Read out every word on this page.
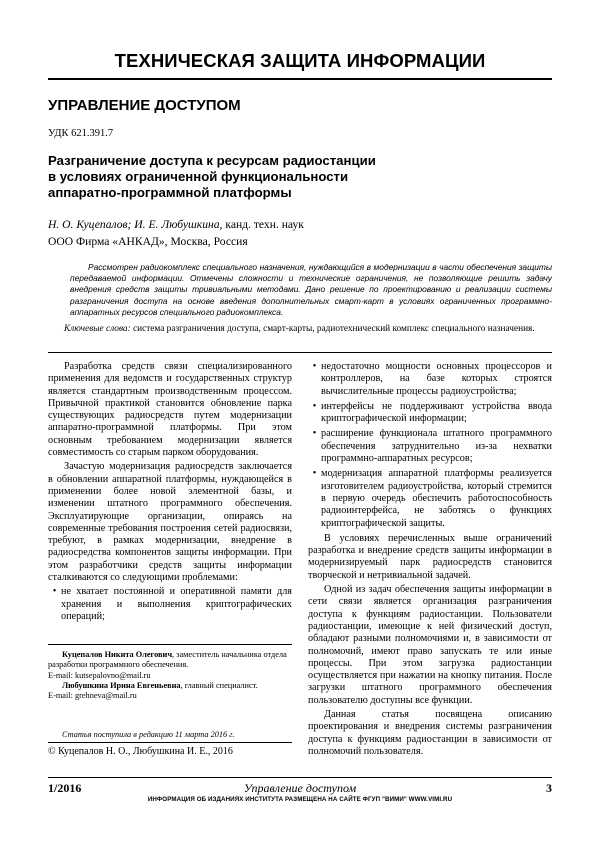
ТЕХНИЧЕСКАЯ ЗАЩИТА ИНФОРМАЦИИ
УПРАВЛЕНИЕ ДОСТУПОМ
УДК 621.391.7
Разграничение доступа к ресурсам радиостанции
в условиях ограниченной функциональности
аппаратно-программной платформы
Н. О. Куцепалов; И. Е. Любушкина, канд. техн. наук
ООО Фирма «АНКАД», Москва, Россия
Рассмотрен радиокомплекс специального назначения, нуждающийся в модернизации в части обеспечения защиты передаваемой информации. Отмечены сложности и технические ограничения, не позволяющие решить задачу внедрения средств защиты тривиальными методами. Дано решение по проектированию и реализации системы разграничения доступа на основе введения дополнительных смарт-карт в условиях ограниченных программно-аппаратных ресурсов специального радиокомплекса.
Ключевые слова: система разграничения доступа, смарт-карты, радиотехнический комплекс специального назначения.

Разработка средств связи специализированного применения для ведомств и государственных структур является стандартным производственным процессом. Привычной практикой становится обновление парка существующих радиосредств путем модернизации аппаратно-программной платформы. При этом основным требованием модернизации является совместимость со старым парком оборудования.

Зачастую модернизация радиосредств заключается в обновлении аппаратной платформы, нуждающейся в применении более новой элементной базы, и изменении штатного программного обеспечения. Эксплуатирующие организации, опираясь на современные требования построения сетей радиосвязи, требуют, в рамках модернизации, внедрение в радиосредства компонентов защиты информации. При этом разработчики средств защиты информации сталкиваются со следующими проблемами:

• не хватает постоянной и оперативной памяти для хранения и выполнения криптографических операций;
• недостаточно мощности основных процессоров и контроллеров, на базе которых строятся вычислительные процессы радиоустройства;
• интерфейсы не поддерживают устройства ввода криптографической информации;
• расширение функционала штатного программного обеспечения затруднительно из-за нехватки программно-аппаратных ресурсов;
• модернизация аппаратной платформы реализуется изготовителем радиоустройства, который стремится в первую очередь обеспечить работоспособность радиоинтерфейса, не заботясь о функциях криптографической защиты.

В условиях перечисленных выше ограничений разработка и внедрение средств защиты информации в модернизируемый парк радиосредств становится творческой и нетривиальной задачей.

Одной из задач обеспечения защиты информации в сети связи является организация разграничения доступа к функциям радиостанции. Пользователи радиостанции, имеющие к ней физический доступ, обладают разными полномочиями и, в зависимости от полномочий, имеют право запускать те или иные процессы. При этом загрузка радиостанции осуществляется при нажатии на кнопку питания. После загрузки штатного программного обеспечения пользователю доступны все функции.

Данная статья посвящена описанию проектирования и внедрения системы разграничения доступа к функциям радиостанции в зависимости от полномочий пользователя.

Куцепалов Никита Олегович, заместитель начальника отдела разработки программного обеспечения.

E-mail: kutsepalovno@mail.ru

Любушкина Ирина Евгеньевна, главный специалист.

E-mail: grehneva@mail.ru
Статья поступила в редакцию 11 марта 2016 г.
© Куцепалов Н. О., Любушкина И. Е., 2016
1/2016	Управление доступом	3
ИНФОРМАЦИЯ ОБ ИЗДАНИЯХ ИНСТИТУТА РАЗМЕЩЕНА НА САЙТЕ ФГУП "ВИМИ" WWW.VIMI.RU
